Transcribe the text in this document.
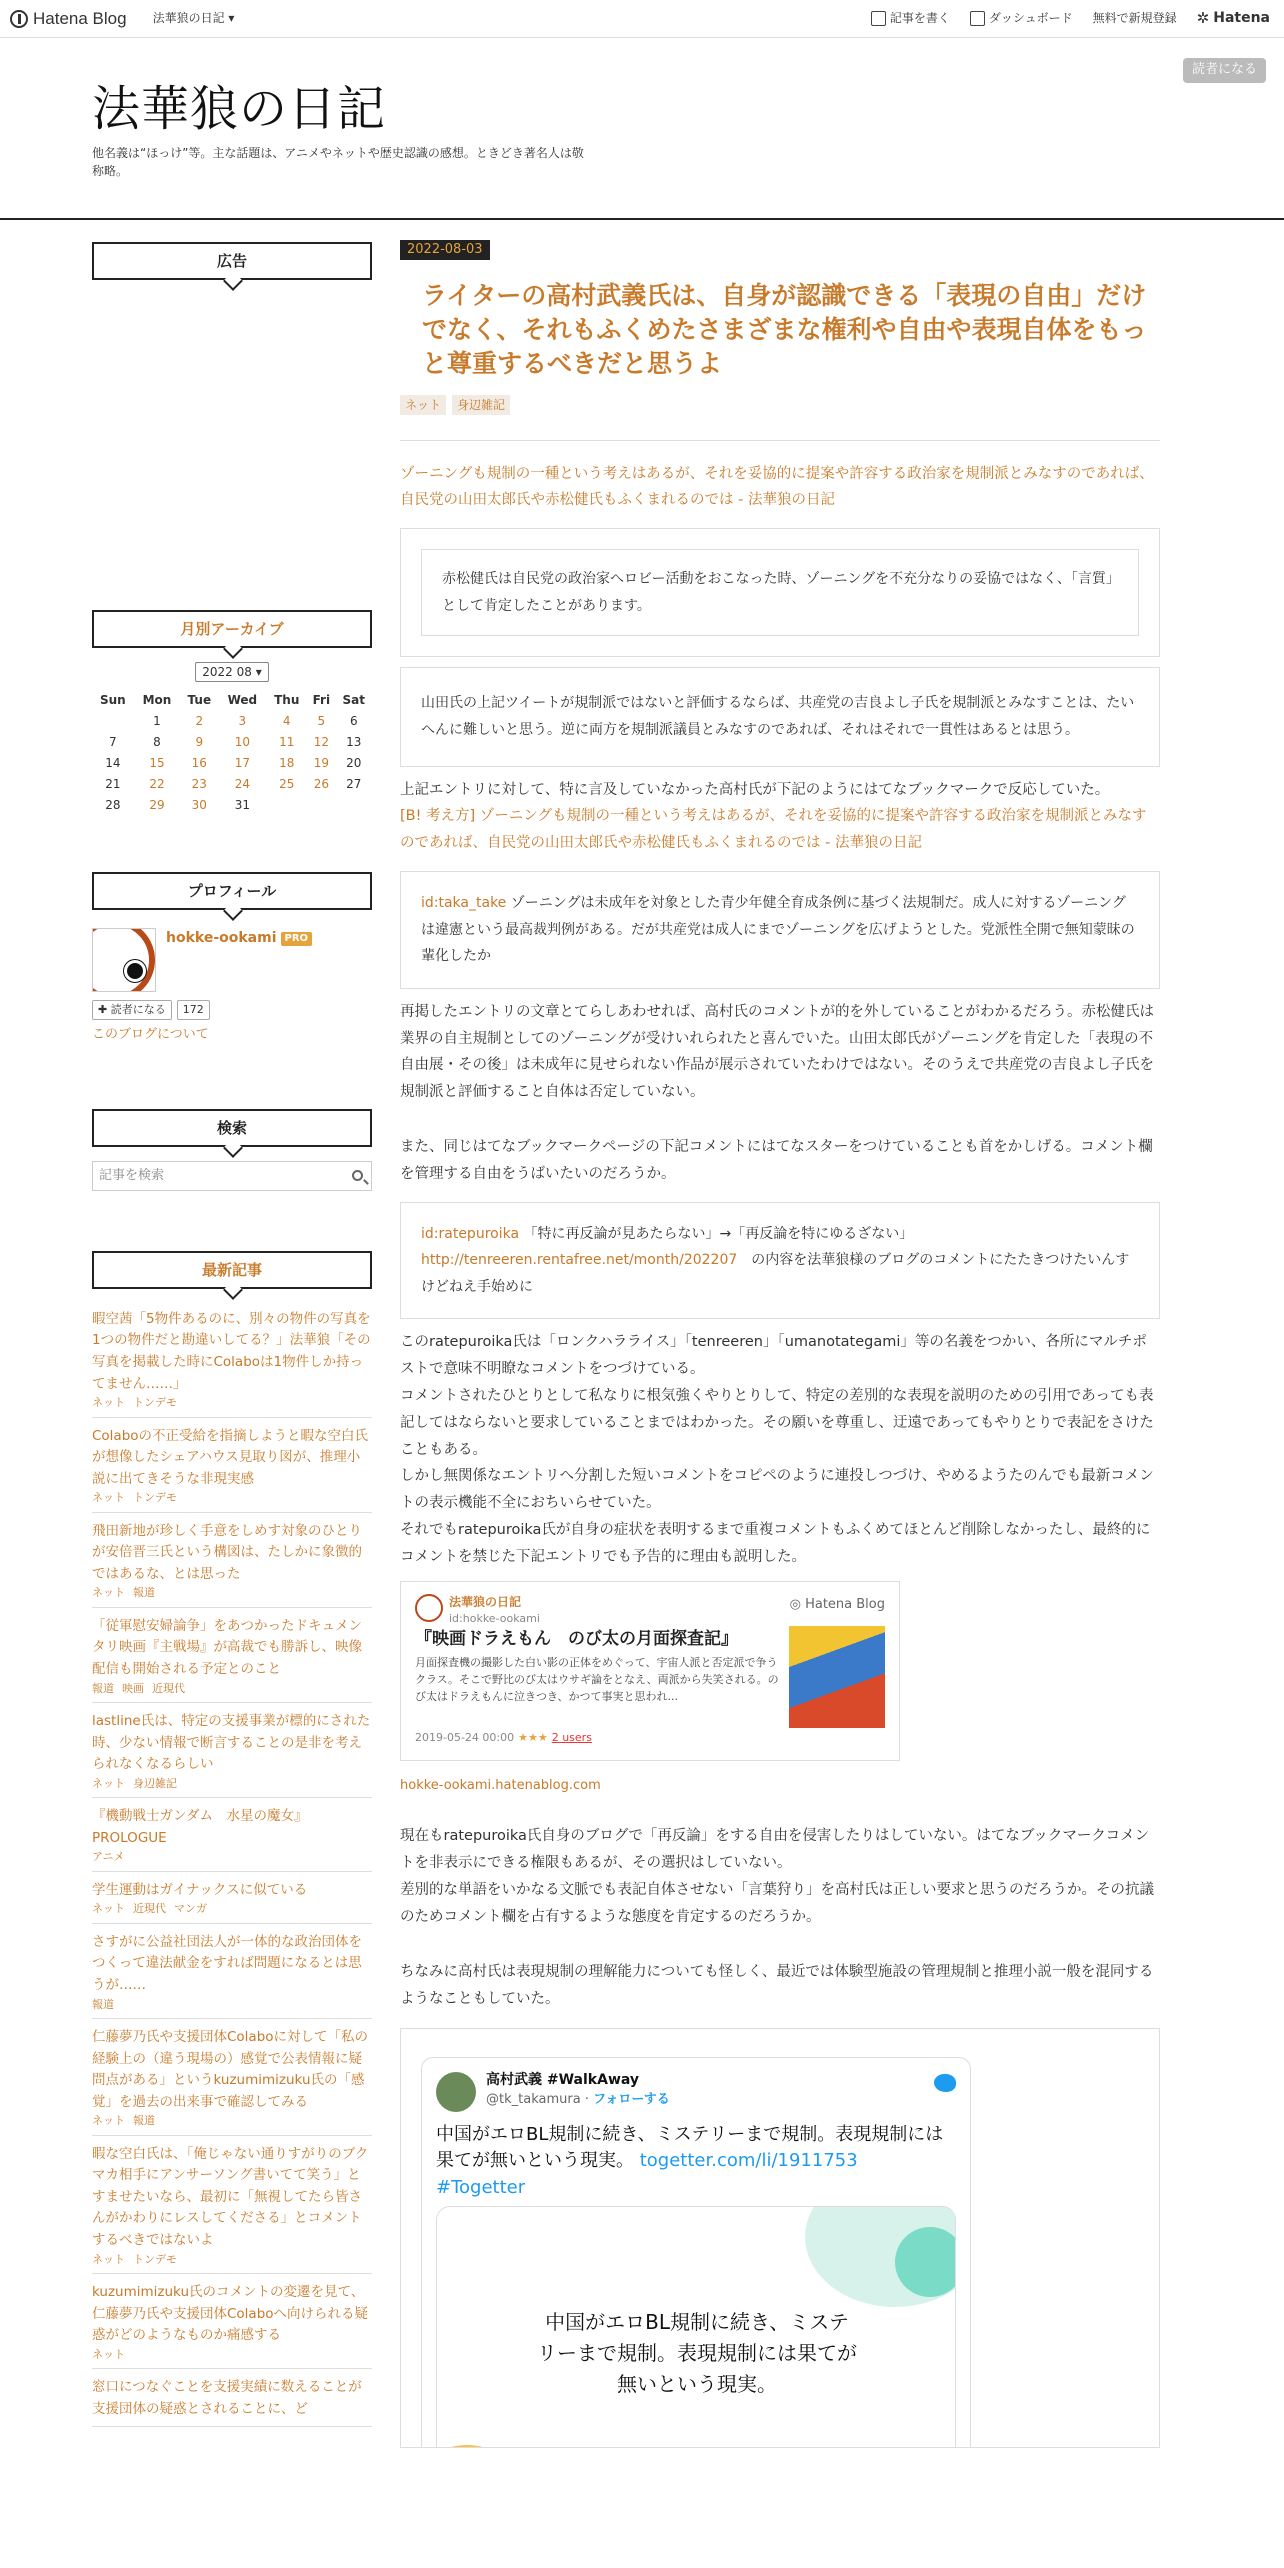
Hatena Blog 法華狼の日記 ▾	記事を書く	ダッシュボード 無料で新規登録 ✲ Hatena
法華狼の日記
他名義は“ほっけ”等。主な話題は、アニメやネットや歴史認識の感想。ときどき著名人は敬称略。
読者になる
広告
月別アーカイブ
2022 08 ▾
Sun	Mon	Tue	Wed	Thu	Fri	Sat
	1	2	3	4	5	6
7	8	9	10	11	12	13
14	15	16	17	18	19	20
21	22	23	24	25	26	27
28	29	30	31			
プロフィール
hokke-ookami PRO
✚ 読者になる	172
このブログについて
検索
記事を検索
最新記事
暇空茜「5物件あるのに、別々の物件の写真を1つの物件だと勘違いしてる？」法華狼「その写真を掲載した時にColaboは1物件しか持ってません……」
ネット トンデモ
Colaboの不正受給を指摘しようと暇な空白氏が想像したシェアハウス見取り図が、推理小説に出てきそうな非現実感
ネット トンデモ
飛田新地が珍しく手意をしめす対象のひとりが安倍晋三氏という構図は、たしかに象徴的ではあるな、とは思った
ネット 報道
「従軍慰安婦論争」をあつかったドキュメンタリ映画『主戦場』が高裁でも勝訴し、映像配信も開始される予定とのこと
報道 映画 近現代
lastline氏は、特定の支援事業が標的にされた時、少ない情報で断言することの是非を考えられなくなるらしい
ネット 身辺雑記
『機動戦士ガンダム　水星の魔女』PROLOGUE
アニメ
学生運動はガイナックスに似ている
ネット 近現代 マンガ
さすがに公益社団法人が一体的な政治団体をつくって違法献金をすれば問題になるとは思うが……
報道
仁藤夢乃氏や支援団体Colaboに対して「私の経験上の（違う現場の）感覚で公表情報に疑問点がある」というkuzumimizuku氏の「感覚」を過去の出来事で確認してみる
ネット 報道
暇な空白氏は、「俺じゃない通りすがりのブクマカ相手にアンサーソング書いてて笑う」とすませたいなら、最初に「無視してたら皆さんがかわりにレスしてくださる」とコメントするべきではないよ
ネット トンデモ
kuzumimizuku氏のコメントの変遷を見て、仁藤夢乃氏や支援団体Colaboへ向けられる疑惑がどのようなものか痛感する
ネット
窓口につなぐことを支援実績に数えることが支援団体の疑惑とされることに、ど
2022-08-03
ライターの高村武義氏は、自身が認識できる「表現の自由」だけでなく、それもふくめたさまざまな権利や自由や表現自体をもっと尊重するべきだと思うよ
ネット 身辺雑記
ゾーニングも規制の一種という考えはあるが、それを妥協的に提案や許容する政治家を規制派とみなすのであれば、自民党の山田太郎氏や赤松健氏もふくまれるのでは - 法華狼の日記
赤松健氏は自民党の政治家へロビー活動をおこなった時、ゾーニングを不充分なりの妥協ではなく、「言質」として肯定したことがあります。
山田氏の上記ツイートが規制派ではないと評価するならば、共産党の吉良よし子氏を規制派とみなすことは、たいへんに難しいと思う。逆に両方を規制派議員とみなすのであれば、それはそれで一貫性はあるとは思う。
上記エントリに対して、特に言及していなかった高村氏が下記のようにはてなブックマークで反応していた。
[B! 考え方] ゾーニングも規制の一種という考えはあるが、それを妥協的に提案や許容する政治家を規制派とみなすのであれば、自民党の山田太郎氏や赤松健氏もふくまれるのでは - 法華狼の日記
id:taka_take ゾーニングは未成年を対象とした青少年健全育成条例に基づく法規制だ。成人に対するゾーニングは違憲という最高裁判例がある。だが共産党は成人にまでゾーニングを広げようとした。党派性全開で無知蒙昧の輩化したか
再掲したエントリの文章とてらしあわせれば、高村氏のコメントが的を外していることがわかるだろう。赤松健氏は業界の自主規制としてのゾーニングが受けいれられたと喜んでいた。山田太郎氏がゾーニングを肯定した「表現の不自由展・その後」は未成年に見せられない作品が展示されていたわけではない。そのうえで共産党の吉良よし子氏を規制派と評価すること自体は否定していない。
また、同じはてなブックマークページの下記コメントにはてなスターをつけていることも首をかしげる。コメント欄を管理する自由をうばいたいのだろうか。
id:ratepuroika 「特に再反論が見あたらない」→「再反論を特にゆるざない」
http://tenreeren.rentafree.net/month/202207　の内容を法華狼様のブログのコメントにたたきつけたいんすけどねえ手始めに
このratepuroika氏は「ロンクハラライス」「tenreeren」「umanotategami」等の名義をつかい、各所にマルチポストで意味不明瞭なコメントをつづけている。
コメントされたひとりとして私なりに根気強くやりとりして、特定の差別的な表現を説明のための引用であっても表記してはならないと要求していることまではわかった。その願いを尊重し、迂遠であってもやりとりで表記をさけたこともある。
しかし無関係なエントリへ分割した短いコメントをコピペのように連投しつづけ、やめるようたのんでも最新コメントの表示機能不全におちいらせていた。
それでもratepuroika氏が自身の症状を表明するまで重複コメントもふくめてほとんど削除しなかったし、最終的にコメントを禁じた下記エントリでも予告的に理由も説明した。
法華狼の日記
id:hokke-ookami
◎ Hatena Blog
『映画ドラえもん　のび太の月面探査記』
月面探査機の撮影した白い影の正体をめぐって、宇宙人派と否定派で争うクラス。そこで野比のび太はウサギ論をとなえ、両派から失笑される。のび太はドラえもんに泣きつき、かつて事実と思われ...
2019-05-24 00:00 ★★★ 2 users
hokke-ookami.hatenablog.com
現在もratepuroika氏自身のブログで「再反論」をする自由を侵害したりはしていない。はてなブックマークコメントを非表示にできる権限もあるが、その選択はしていない。
差別的な単語をいかなる文脈でも表記自体させない「言葉狩り」を高村氏は正しい要求と思うのだろうか。その抗議のためコメント欄を占有するような態度を肯定するのだろうか。
ちなみに高村氏は表現規制の理解能力についても怪しく、最近では体験型施設の管理規制と推理小説一般を混同するようなこともしていた。
高村武義 #WalkAway
@tk_takamura · フォローする
中国がエロBL規制に続き、ミステリーまで規制。表現規制には果てが無いという現実。 togetter.com/li/1911753
#Togetter
中国がエロBL規制に続き、ミステリーまで規制。表現規制には果てが無いという現実。
